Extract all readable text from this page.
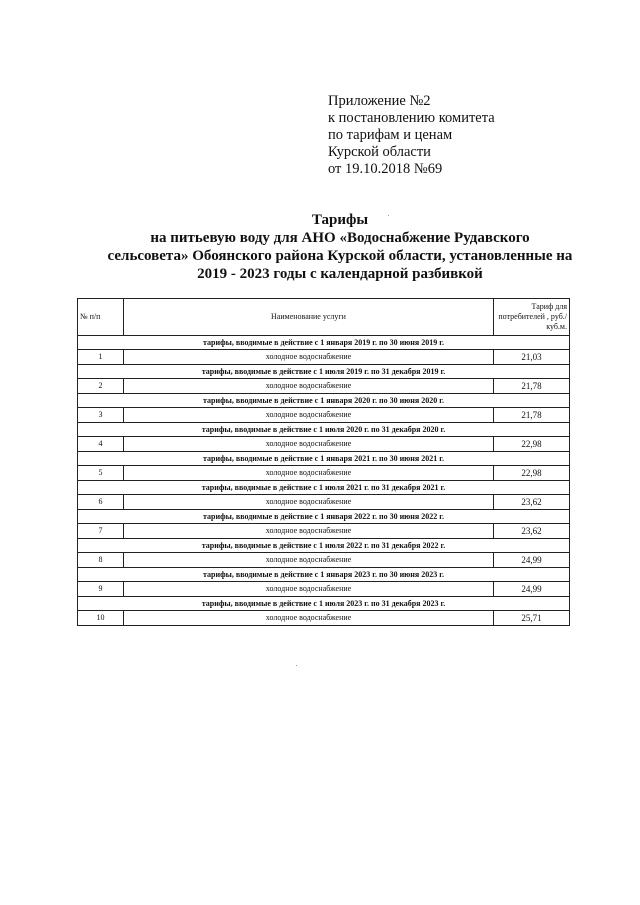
Приложение №2
к постановлению комитета
по тарифам и ценам
Курской области
от 19.10.2018 №69
Тарифы
на питьевую воду для АНО «Водоснабжение Рудавского
сельсовета» Обоянского района Курской области, установленные на
2019 - 2023 годы с календарной разбивкой
№ п/п	Наименование услуги	Тариф для потребителей , руб./ куб.м.
тарифы, вводимые в действие с 1 января 2019 г. по 30 июня 2019 г.		
1	холодное водоснабжение	21,03
тарифы, вводимые в действие с 1 июля 2019 г. по 31 декабря 2019 г.		
2	холодное водоснабжение	21,78
тарифы, вводимые в действие с 1 января 2020 г. по 30 июня 2020 г.		
3	холодное водоснабжение	21,78
тарифы, вводимые в действие с 1 июля 2020 г. по 31 декабря 2020 г.		
4	холодное водоснабжение	22,98
тарифы, вводимые в действие с 1 января 2021 г. по 30 июня 2021 г.		
5	холодное водоснабжение	22,98
тарифы, вводимые в действие с 1 июля 2021 г. по 31 декабря 2021 г.		
6	холодное водоснабжение	23,62
тарифы, вводимые в действие с 1 января 2022 г. по 30 июня 2022 г.		
7	холодное водоснабжение	23,62
тарифы, вводимые в действие с 1 июля 2022 г. по 31 декабря 2022 г.		
8	холодное водоснабжение	24,99
тарифы, вводимые в действие с 1 января 2023 г. по 30 июня 2023 г.		
9	холодное водоснабжение	24,99
тарифы, вводимые в действие с 1 июля 2023 г. по 31 декабря 2023 г.		
10	холодное водоснабжение	25,71
